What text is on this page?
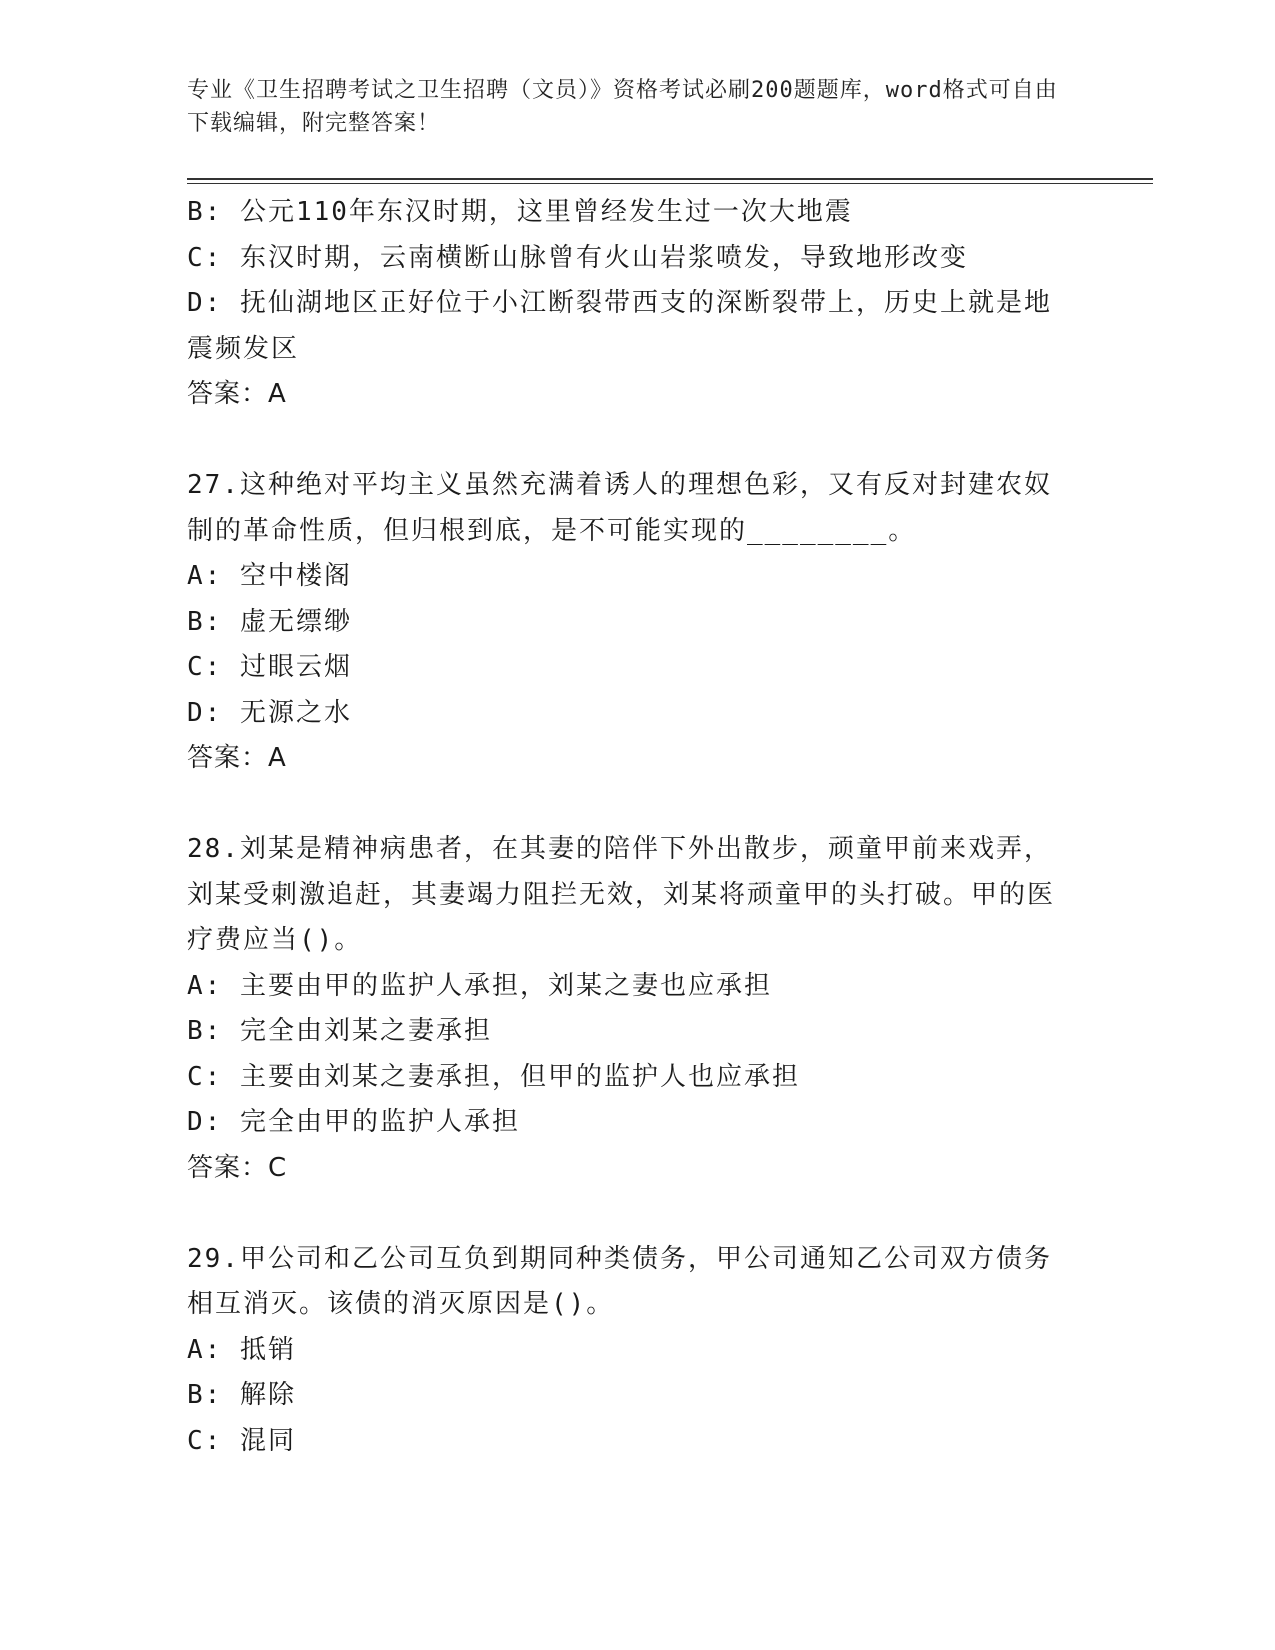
专业《卫生招聘考试之卫生招聘（文员）》资格考试必刷200题题库，word格式可自由下载编辑，附完整答案！
B: 公元110年东汉时期，这里曾经发生过一次大地震
C: 东汉时期，云南横断山脉曾有火山岩浆喷发，导致地形改变
D: 抚仙湖地区正好位于小江断裂带西支的深断裂带上，历史上就是地震频发区
答案：A
27.这种绝对平均主义虽然充满着诱人的理想色彩，又有反对封建农奴制的革命性质，但归根到底，是不可能实现的________。
A: 空中楼阁
B: 虚无缥缈
C: 过眼云烟
D: 无源之水
答案：A
28.刘某是精神病患者，在其妻的陪伴下外出散步，顽童甲前来戏弄，刘某受刺激追赶，其妻竭力阻拦无效，刘某将顽童甲的头打破。甲的医疗费应当()。
A: 主要由甲的监护人承担，刘某之妻也应承担
B: 完全由刘某之妻承担
C: 主要由刘某之妻承担，但甲的监护人也应承担
D: 完全由甲的监护人承担
答案：C
29.甲公司和乙公司互负到期同种类债务，甲公司通知乙公司双方债务相互消灭。该债的消灭原因是()。
A: 抵销
B: 解除
C: 混同
